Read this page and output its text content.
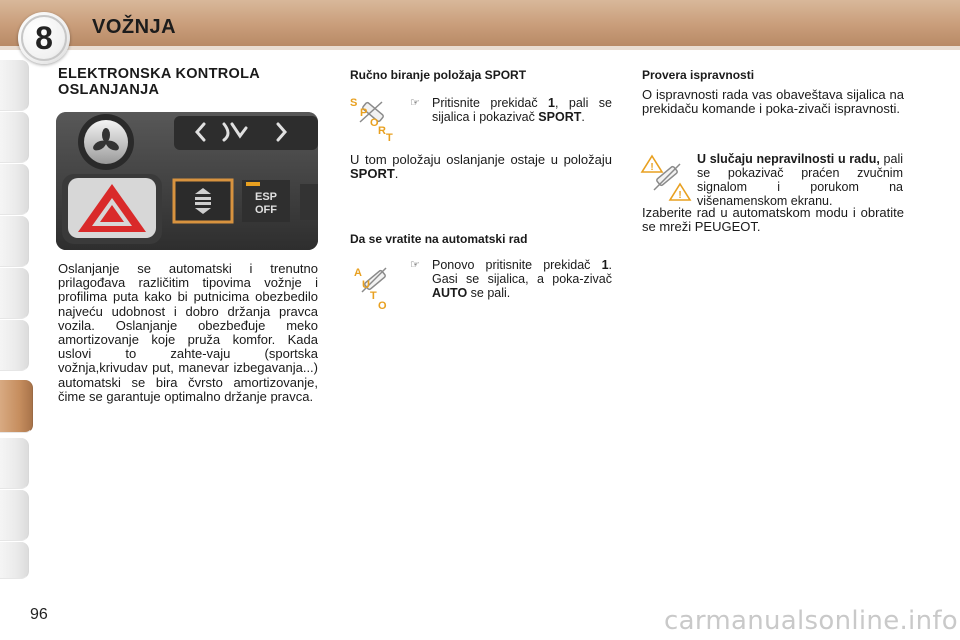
8 VOŽNJA
ELEKTRONSKA KONTROLA OSLANJANJA
ESP
OFF

Oslanjanje se automatski i trenutno prilagođava različitim tipovima vožnje i profilima puta kako bi putnicima obezbedilo najveću udobnost i dobro držanja pravca vozila. Oslanjanje obezbeđuje meko amortizovanje koje pruža komfor. Kada uslovi to zahte-vaju (sportska vožnja,krivudav put, manevar izbegavanja...) automatski se bira čvrsto amortizovanje, čime se garantuje optimalno držanje pravca.

Ručno biranje položaja SPORT
S
P
O
R
T
☞ Pritisnite prekidač 1, pali se sijalica i pokazivač SPORT.

U tom položaju oslanjanje ostaje u položaju SPORT.

Da se vratite na automatski rad
A
U
T
O
☞ Ponovo pritisnite prekidač 1. Gasi se sijalica, a poka-zivač AUTO se pali.

Provera ispravnosti

O ispravnosti rada vas obaveštava sijalica na prekidaču komande i poka-zivači ispravnosti.

!
!

U slučaju nepravilnosti u radu, pali se pokazivač praćen zvučnim signalom i porukom na višenamenskom ekranu.

Izaberite rad u automatskom modu i obratite se mreži PEUGEOT.

96	carmanualsonline.info
